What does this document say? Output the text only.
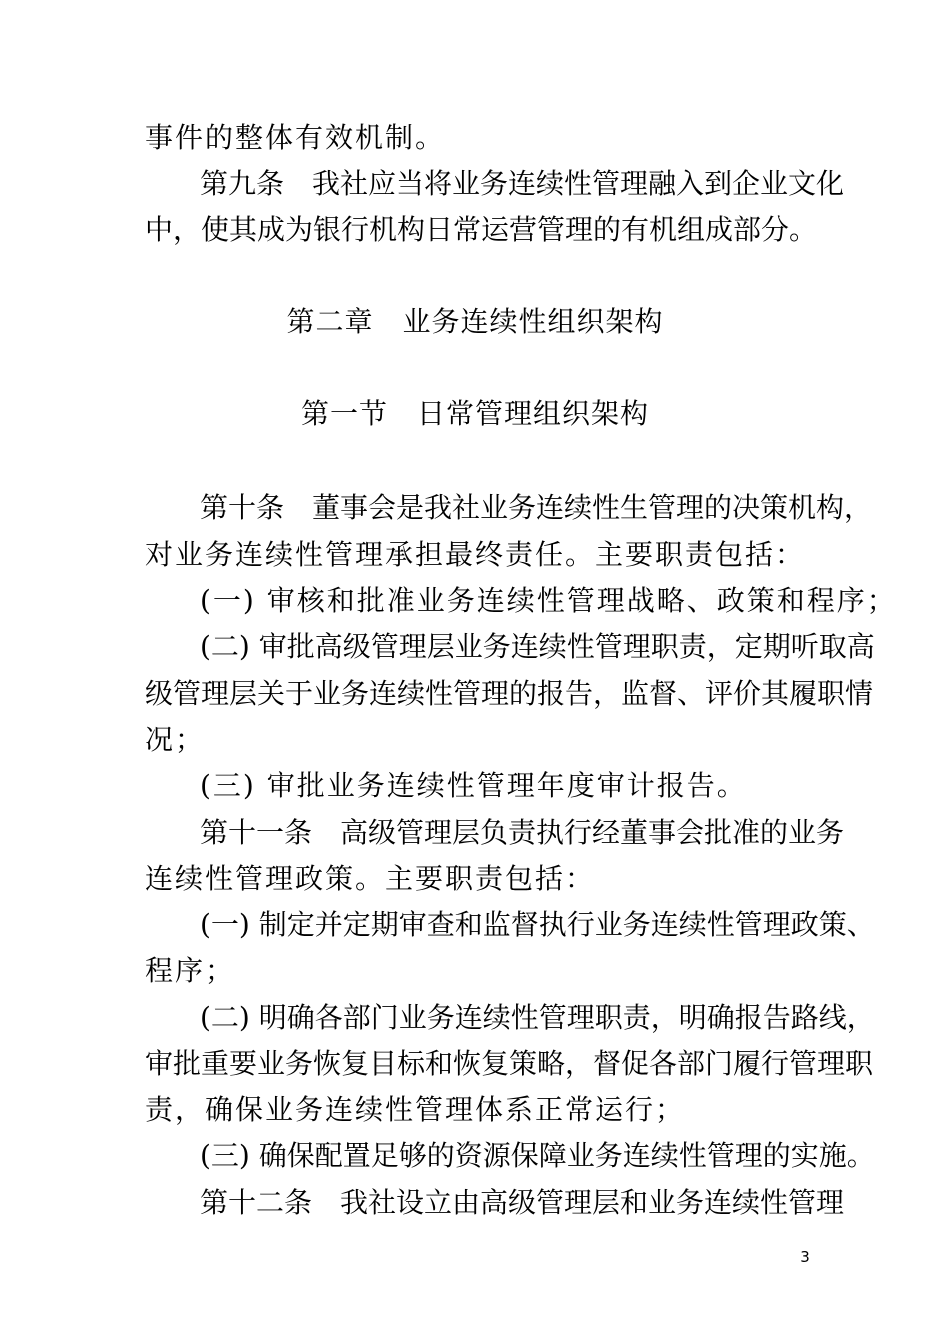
事件的整体有效机制。
第九条　我社应当将业务连续性管理融入到企业文化
中，使其成为银行机构日常运营管理的有机组成部分。
第二章　业务连续性组织架构
第一节　日常管理组织架构
第十条　董事会是我社业务连续性生管理的决策机构，
对业务连续性管理承担最终责任。主要职责包括：
(一) 审核和批准业务连续性管理战略、政策和程序；
(二) 审批高级管理层业务连续性管理职责，定期听取高
级管理层关于业务连续性管理的报告，监督、评价其履职情
况；
(三) 审批业务连续性管理年度审计报告。
第十一条　高级管理层负责执行经董事会批准的业务
连续性管理政策。主要职责包括：
(一) 制定并定期审查和监督执行业务连续性管理政策、
程序；
(二) 明确各部门业务连续性管理职责，明确报告路线，
审批重要业务恢复目标和恢复策略，督促各部门履行管理职
责，确保业务连续性管理体系正常运行；
(三) 确保配置足够的资源保障业务连续性管理的实施。
第十二条　我社设立由高级管理层和业务连续性管理
3
